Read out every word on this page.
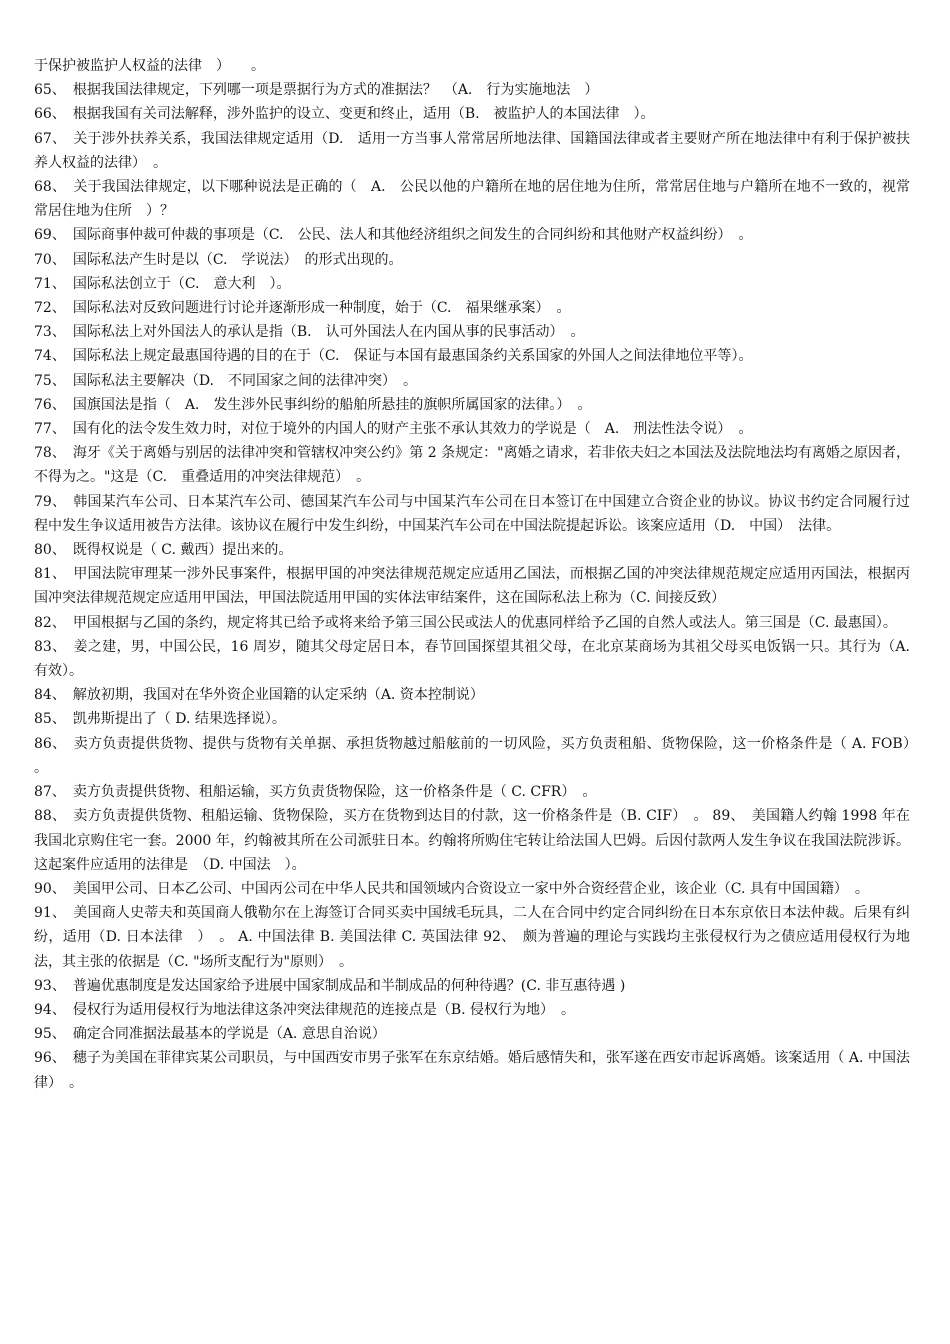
于保护被监护人权益的法律　）　　。

65、　根据我国法律规定，下列哪一项是票据行为方式的准据法？　（A.　行为实施地法　）

66、　根据我国有关司法解释，涉外监护的设立、变更和终止，适用（B.　被监护人的本国法律　）。

67、　关于涉外扶养关系，我国法律规定适用（D.　适用一方当事人常常居所地法律、国籍国法律或者主要财产所在地法律中有利于保护被扶养人权益的法律）　。

68、　关于我国法律规定，以下哪种说法是正确的（　A.　公民以他的户籍所在地的居住地为住所，常常居住地与户籍所在地不一致的，视常常居住地为住所　）？

69、　国际商事仲裁可仲裁的事项是（C.　公民、法人和其他经济组织之间发生的合同纠纷和其他财产权益纠纷）　。

70、　国际私法产生时是以（C.　学说法）　的形式出现的。

71、　国际私法创立于（C.　意大利　）。

72、　国际私法对反致问题进行讨论并逐渐形成一种制度，始于（C.　福果继承案）　。

73、　国际私法上对外国法人的承认是指（B.　认可外国法人在内国从事的民事活动）　。

74、　国际私法上规定最惠国待遇的目的在于（C.　保证与本国有最惠国条约关系国家的外国人之间法律地位平等）。

75、　国际私法主要解决（D.　不同国家之间的法律冲突）　。

76、　国旗国法是指（　A.　发生涉外民事纠纷的船舶所悬挂的旗帜所属国家的法律。）　。

77、　国有化的法令发生效力时，对位于境外的内国人的财产主张不承认其效力的学说是（　A.　刑法性法令说）　。

78、　海牙《关于离婚与别居的法律冲突和管辖权冲突公约》第 2 条规定："离婚之请求，若非依夫妇之本国法及法院地法均有离婚之原因者，不得为之。"这是（C.　重叠适用的冲突法律规范）　。

79、　韩国某汽车公司、日本某汽车公司、德国某汽车公司与中国某汽车公司在日本签订在中国建立合资企业的协议。协议书约定合同履行过程中发生争议适用被告方法律。该协议在履行中发生纠纷，中国某汽车公司在中国法院提起诉讼。该案应适用（D.　中国）　法律。

80、　既得权说是（ C. 戴西）提出来的。

81、　甲国法院审理某一涉外民事案件，根据甲国的冲突法律规范规定应适用乙国法，而根据乙国的冲突法律规范规定应适用丙国法，根据丙国冲突法律规范规定应适用甲国法，甲国法院适用甲国的实体法审结案件，这在国际私法上称为（C. 间接反致）

82、　甲国根据与乙国的条约，规定将其已给予或将来给予第三国公民或法人的优惠同样给予乙国的自然人或法人。第三国是（C. 最惠国）。

83、　姜之建，男，中国公民，16 周岁，随其父母定居日本，春节回国探望其祖父母，在北京某商场为其祖父母买电饭锅一只。其行为（A. 有效）。

84、　解放初期，我国对在华外资企业国籍的认定采纳（A. 资本控制说）

85、　凯弗斯提出了（ D. 结果选择说）。

86、　卖方负责提供货物、提供与货物有关单据、承担货物越过船舷前的一切风险，买方负责租船、货物保险，这一价格条件是（ A. FOB）　。

87、　卖方负责提供货物、租船运输，买方负责货物保险，这一价格条件是（ C. CFR）　。

88、　卖方负责提供货物、租船运输、货物保险，买方在货物到达目的付款，这一价格条件是（B. CIF）　。 89、　美国籍人约翰 1998 年在我国北京购住宅一套。2000 年，约翰被其所在公司派驻日本。约翰将所购住宅转让给法国人巴姆。后因付款两人发生争议在我国法院涉诉。这起案件应适用的法律是　（D. 中国法　）。

90、　美国甲公司、日本乙公司、中国丙公司在中华人民共和国领域内合资设立一家中外合资经营企业，该企业（C. 具有中国国籍）　。

91、　美国商人史蒂夫和英国商人俄勒尔在上海签订合同买卖中国绒毛玩具，二人在合同中约定合同纠纷在日本东京依日本法仲裁。后果有纠纷，适用（D. 日本法律　）　。 A. 中国法律 B. 美国法律 C. 英国法律 92、　颇为普遍的理论与实践均主张侵权行为之债应适用侵权行为地法，其主张的依据是（C. "场所支配行为"原则）　。

93、　普遍优惠制度是发达国家给予进展中国家制成品和半制成品的何种待遇？(C. 非互惠待遇 )

94、　侵权行为适用侵权行为地法律这条冲突法律规范的连接点是（B. 侵权行为地）　。

95、　确定合同准据法最基本的学说是（A. 意思自治说）

96、　穗子为美国在菲律宾某公司职员，与中国西安市男子张军在东京结婚。婚后感情失和，张军遂在西安市起诉离婚。该案适用（ A. 中国法律）　。
